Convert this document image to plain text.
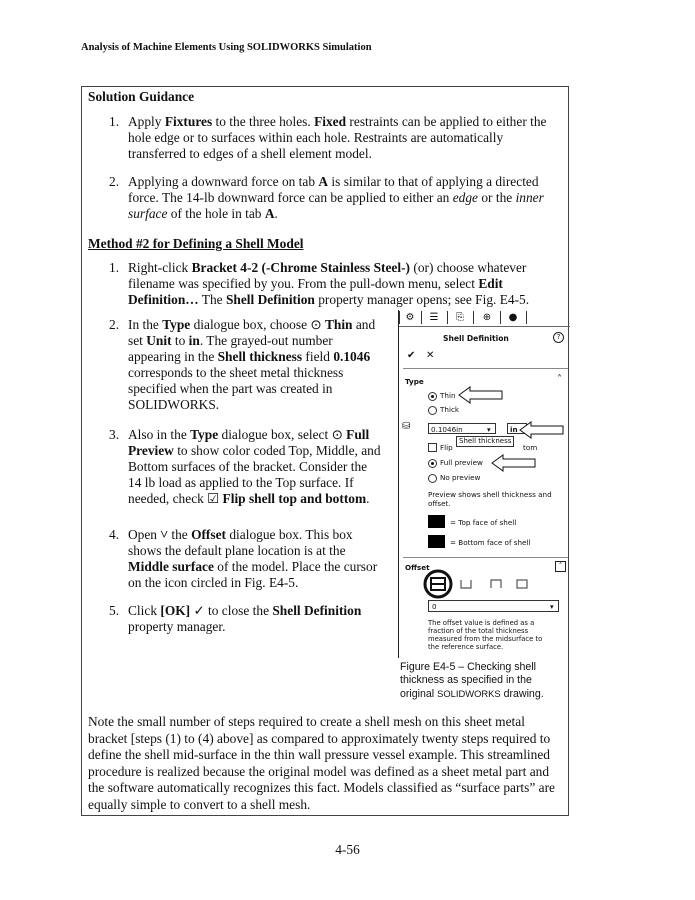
Analysis of Machine Elements Using SOLIDWORKS Simulation
Solution Guidance
1. Apply Fixtures to the three holes. Fixed restraints can be applied to either the
hole edge or to surfaces within each hole. Restraints are automatically
transferred to edges of a shell element model.
2. Applying a downward force on tab A is similar to that of applying a directed
force. The 14-lb downward force can be applied to either an edge or the inner
surface of the hole in tab A.
1. Right-click Bracket 4-2 (-Chrome Stainless Steel-) (or) choose whatever
filename was specified by you. From the pull-down menu, select Edit
Definition… The Shell Definition property manager opens; see Fig. E4-5.
2. In the Type dialogue box, choose ⊙ Thin and
set Unit to in. The grayed-out number
appearing in the Shell thickness field 0.1046
corresponds to the sheet metal thickness
specified when the part was created in
SOLIDWORKS.
3. Also in the Type dialogue box, select ⊙ Full
Preview to show color coded Top, Middle, and
Bottom surfaces of the bracket. Consider the
14 lb load as applied to the Top surface. If
needed, check ☑ Flip shell top and bottom.
4. Open ˅ the Offset dialogue box. This box
shows the default plane location is at the
Middle surface of the model. Place the cursor
on the icon circled in Fig. E4-5.
5. Click [OK] ✓ to close the Shell Definition
property manager.
Method #2 for Defining a Shell Model
Note the small number of steps required to create a shell mesh on this sheet metal
bracket [steps (1) to (4) above] as compared to approximately twenty steps required to
define the shell mid-surface in the thin wall pressure vessel example. This streamlined
procedure is realized because the original model was defined as a sheet metal part and
the software automatically recognizes this fact. Models classified as “surface parts” are
equally simple to convert to a shell mesh.
⚙	☰	⎘	⊕	●
Shell Definition	?
✔ ✕
Type	˄
Thin
Thick
⛁	0.1046in	▾	in
Flip
Shell thickness
tom
Full preview
No preview
Preview shows shell thickness and
offset.
= Top face of shell
= Bottom face of shell
Offset	˄
0	▾
The offset value is defined as a
fraction of the total thickness
measured from the midsurface to
the reference surface.
Figure E4-5 – Checking shell
thickness as specified in the
original SOLIDWORKS drawing.
4-56
